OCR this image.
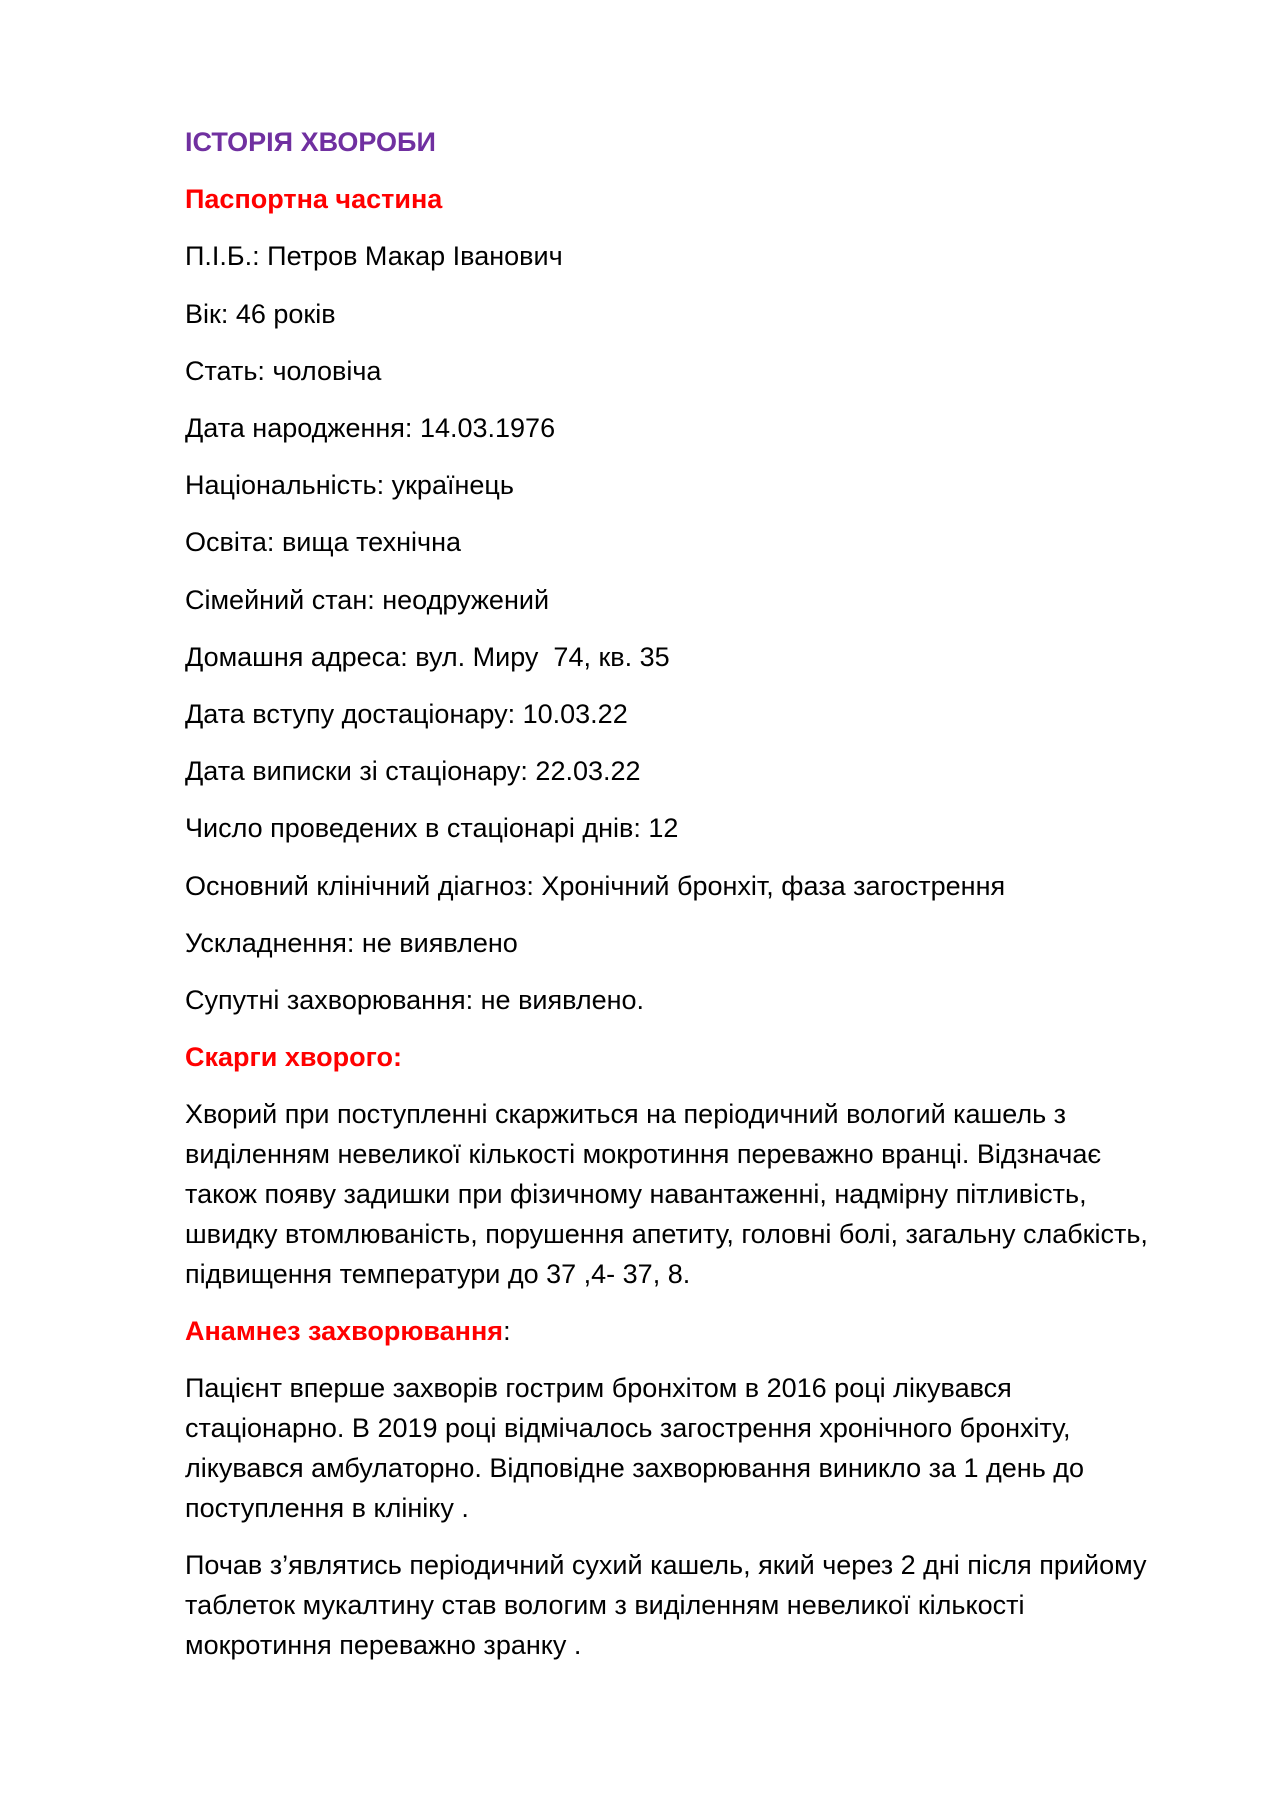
ІСТОРІЯ ХВОРОБИ

Паспортна частина

П.І.Б.: Петров Макар Іванович

Вік: 46 років

Стать: чоловіча

Дата народження: 14.03.1976

Національність: українець

Освіта: вища технічна

Сімейний стан: неодружений

Домашня адреса: вул. Миру  74, кв. 35

Дата вступу достаціонару: 10.03.22

Дата виписки зі стаціонару: 22.03.22

Число проведених в стаціонарі днів: 12

Основний клінічний діагноз: Хронічний бронхіт, фаза загострення

Ускладнення: не виявлено

Супутні захворювання: не виявлено.

Скарги хворого:

Хворий при поступленні скаржиться на періодичний вологий кашель з
виділенням невеликої кількості мокротиння переважно вранці. Відзначає
також появу задишки при фізичному навантаженні, надмірну пітливість,
швидку втомлюваність, порушення апетиту, головні болі, загальну слабкість,
підвищення температури до 37 ,4- 37, 8.

Анамнез захворювання:

Пацієнт вперше захворів гострим бронхітом в 2016 році лікувався
стаціонарно. В 2019 році відмічалось загострення хронічного бронхіту,
лікувався амбулаторно. Відповідне захворювання виникло за 1 день до
поступлення в клініку .
Почав з’являтись періодичний сухий кашель, який через 2 дні після прийому
таблеток мукалтину став вологим з виділенням невеликої кількості
мокротиння переважно зранку .
